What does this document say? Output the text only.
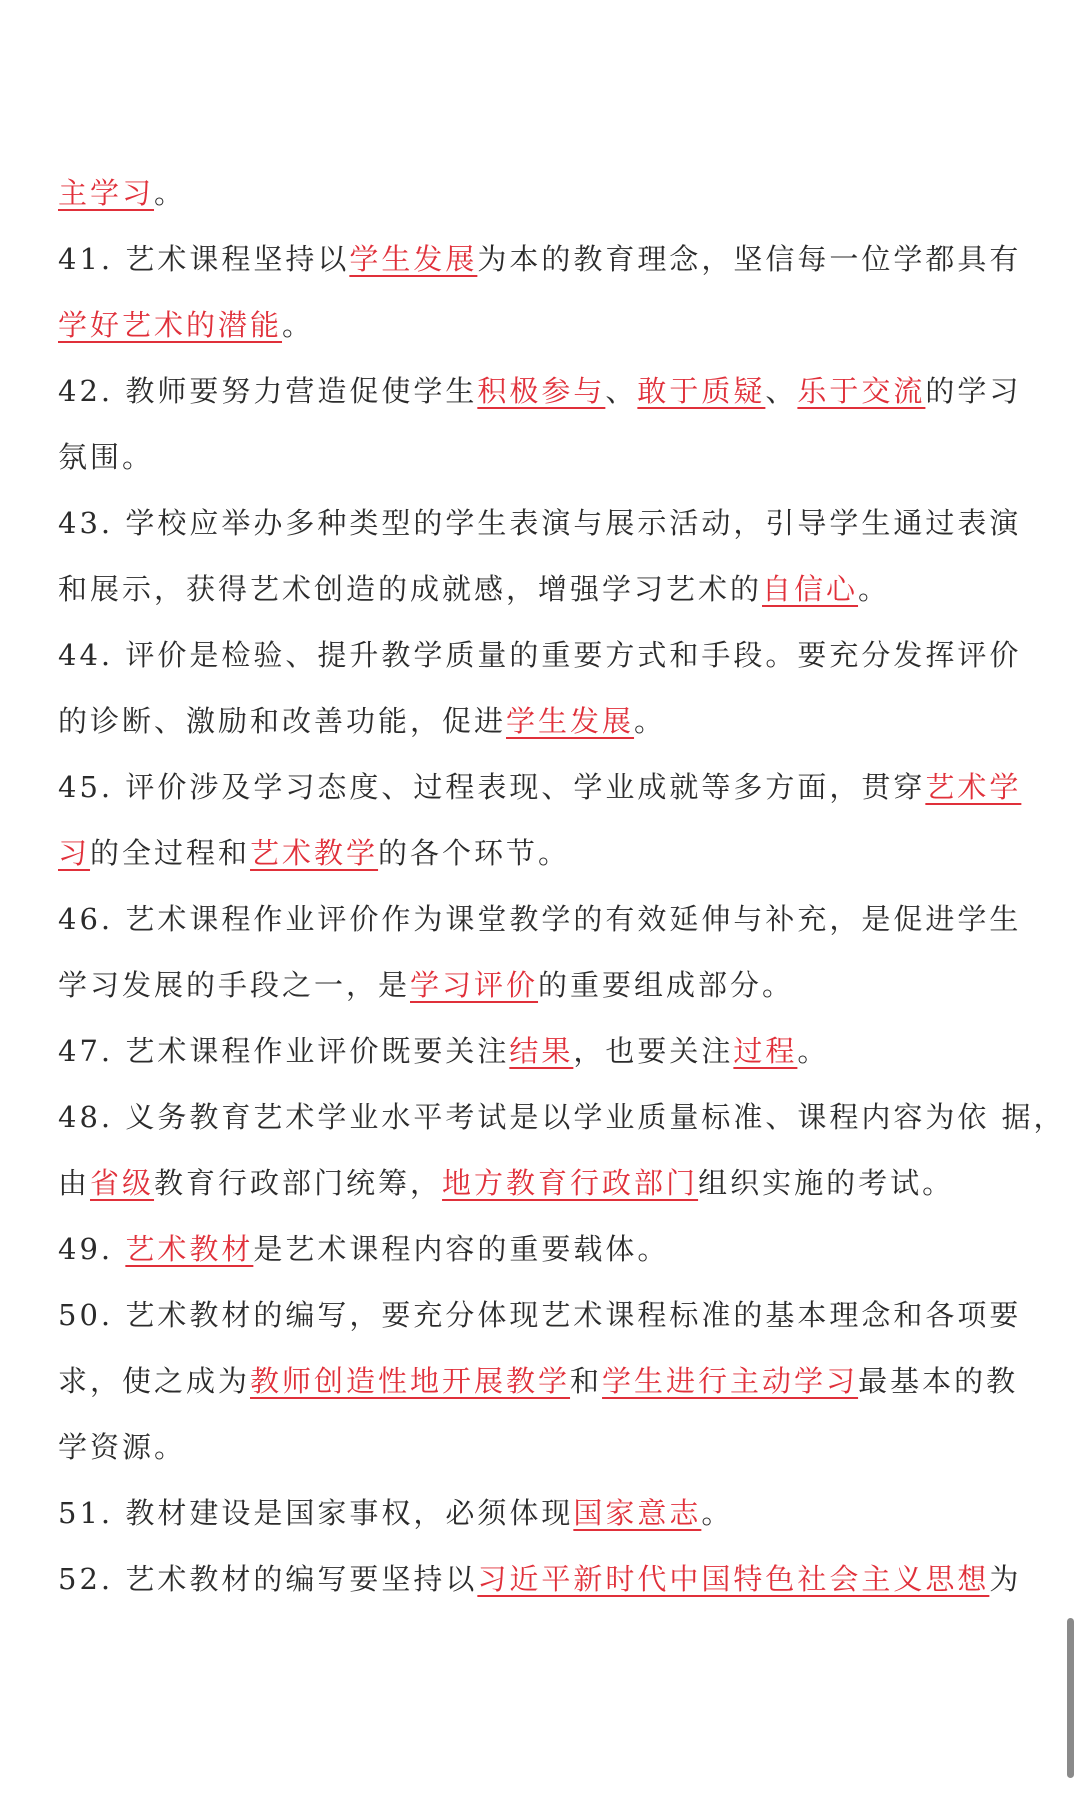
主学习。
41. 艺术课程坚持以学生发展为本的教育理念，坚信每一位学都具有
学好艺术的潜能。
42. 教师要努力营造促使学生积极参与、敢于质疑、乐于交流的学习
氛围。
43. 学校应举办多种类型的学生表演与展示活动，引导学生通过表演
和展示，获得艺术创造的成就感，增强学习艺术的自信心。
44. 评价是检验、提升教学质量的重要方式和手段。要充分发挥评价
的诊断、激励和改善功能，促进学生发展。
45. 评价涉及学习态度、过程表现、学业成就等多方面，贯穿艺术学
习的全过程和艺术教学的各个环节。
46. 艺术课程作业评价作为课堂教学的有效延伸与补充，是促进学生
学习发展的手段之一，是学习评价的重要组成部分。
47. 艺术课程作业评价既要关注结果，也要关注过程。
48. 义务教育艺术学业水平考试是以学业质量标准、课程内容为依 据，
由省级教育行政部门统筹，地方教育行政部门组织实施的考试。
49. 艺术教材是艺术课程内容的重要载体。
50. 艺术教材的编写，要充分体现艺术课程标准的基本理念和各项要
求，使之成为教师创造性地开展教学和学生进行主动学习最基本的教
学资源。
51. 教材建设是国家事权，必须体现国家意志。
52. 艺术教材的编写要坚持以习近平新时代中国特色社会主义思想为
